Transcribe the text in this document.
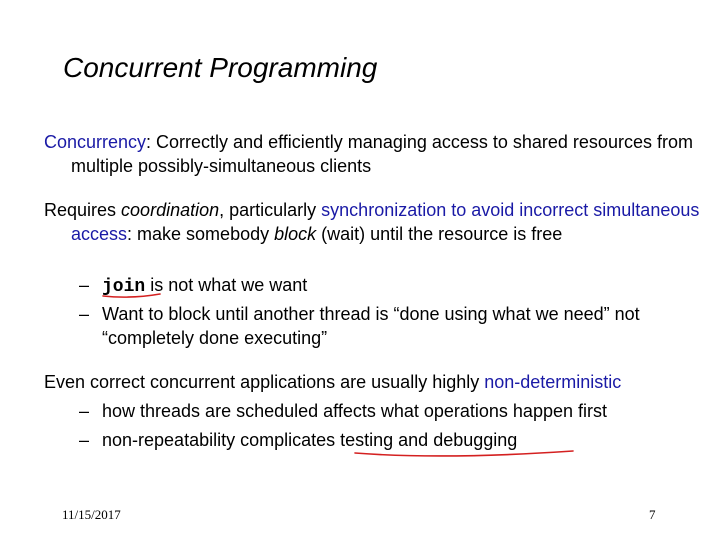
Concurrent Programming
Concurrency: Correctly and efficiently managing access to shared resources from multiple possibly-simultaneous clients
Requires coordination, particularly synchronization to avoid incorrect simultaneous access: make somebody block (wait) until the resource is free
– join is not what we want
– Want to block until another thread is “done using what we need” not “completely done executing”
Even correct concurrent applications are usually highly non-deterministic
– how threads are scheduled affects what operations happen first
– non-repeatability complicates testing and debugging
11/15/2017	7
